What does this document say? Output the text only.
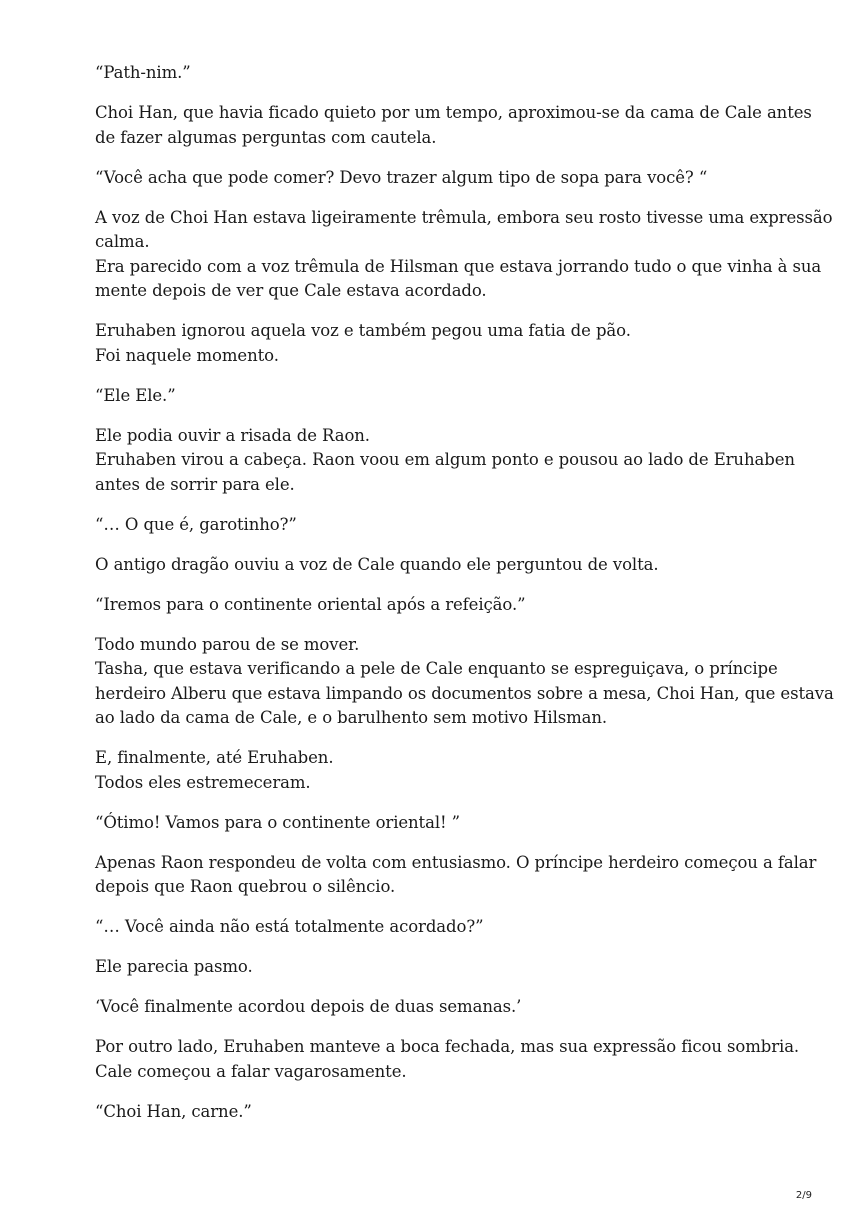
“Path-nim.”

Choi Han, que havia ficado quieto por um tempo, aproximou-se da cama de Cale antes
de fazer algumas perguntas com cautela.

“Você acha que pode comer? Devo trazer algum tipo de sopa para você? “

A voz de Choi Han estava ligeiramente trêmula, embora seu rosto tivesse uma expressão
calma.
Era parecido com a voz trêmula de Hilsman que estava jorrando tudo o que vinha à sua
mente depois de ver que Cale estava acordado.

Eruhaben ignorou aquela voz e também pegou uma fatia de pão.
Foi naquele momento.

“Ele Ele.”

Ele podia ouvir a risada de Raon.
Eruhaben virou a cabeça. Raon voou em algum ponto e pousou ao lado de Eruhaben
antes de sorrir para ele.

“… O que é, garotinho?”

O antigo dragão ouviu a voz de Cale quando ele perguntou de volta.

“Iremos para o continente oriental após a refeição.”

Todo mundo parou de se mover.
Tasha, que estava verificando a pele de Cale enquanto se espreguiçava, o príncipe
herdeiro Alberu que estava limpando os documentos sobre a mesa, Choi Han, que estava
ao lado da cama de Cale, e o barulhento sem motivo Hilsman.

E, finalmente, até Eruhaben.
Todos eles estremeceram.

“Ótimo! Vamos para o continente oriental! ”

Apenas Raon respondeu de volta com entusiasmo. O príncipe herdeiro começou a falar
depois que Raon quebrou o silêncio.

“… Você ainda não está totalmente acordado?”

Ele parecia pasmo.

‘Você finalmente acordou depois de duas semanas.’

Por outro lado, Eruhaben manteve a boca fechada, mas sua expressão ficou sombria.
Cale começou a falar vagarosamente.

“Choi Han, carne.”

2/9
